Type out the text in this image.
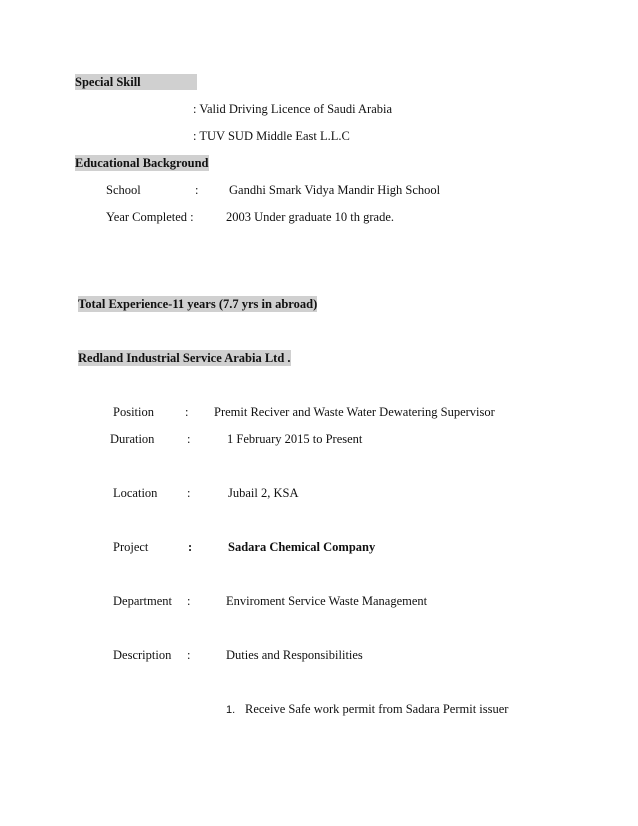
Special Skill
: Valid Driving Licence of Saudi Arabia
: TUV SUD Middle East L.L.C
Educational Background
School	: Gandhi Smark Vidya Mandir High School
Year Completed :	2003 Under graduate 10 th grade.
Total Experience-11 years (7.7 yrs in abroad)
Redland Industrial Service Arabia Ltd .
Position : Premit Reciver and Waste Water Dewatering Supervisor
Duration	:	1 February 2015 to Present
Location :	Jubail 2, KSA
Project	:	Sadara Chemical Company
Department :	Enviroment Service Waste Management
Description :	Duties and Responsibilities
1. Receive Safe work permit from Sadara Permit issuer
